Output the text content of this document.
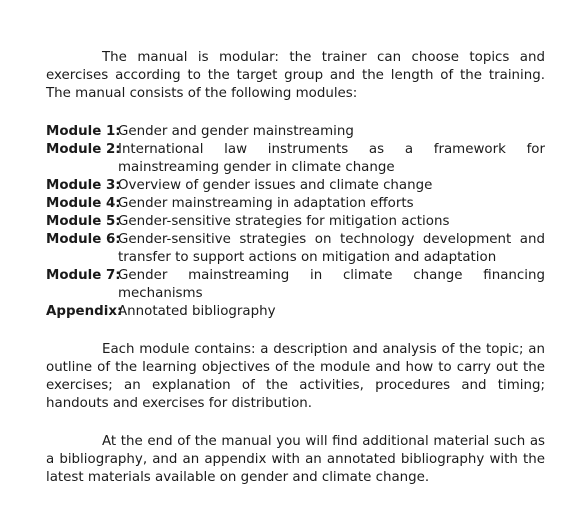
The manual is modular: the trainer can choose topics and exercises according to the target group and the length of the training. The manual consists of the following modules:

Module 1:
Gender and gender mainstreaming
Module 2:
International law instruments as a framework for mainstreaming gender in climate change
Module 3:
Overview of gender issues and climate change
Module 4:
Gender mainstreaming in adaptation efforts
Module 5:
Gender-sensitive strategies for mitigation actions
Module 6:
Gender-sensitive strategies on technology development and transfer to support actions on mitigation and adaptation
Module 7:
Gender mainstreaming in climate change financing mechanisms
Appendix:
Annotated bibliography

Each module contains: a description and analysis of the topic; an outline of the learning objectives of the module and how to carry out the exercises; an explanation of the activities, procedures and timing; handouts and exercises for distribution.

At the end of the manual you will find additional material such as a bibliography, and an appendix with an annotated bibliography with the latest materials available on gender and climate change.
